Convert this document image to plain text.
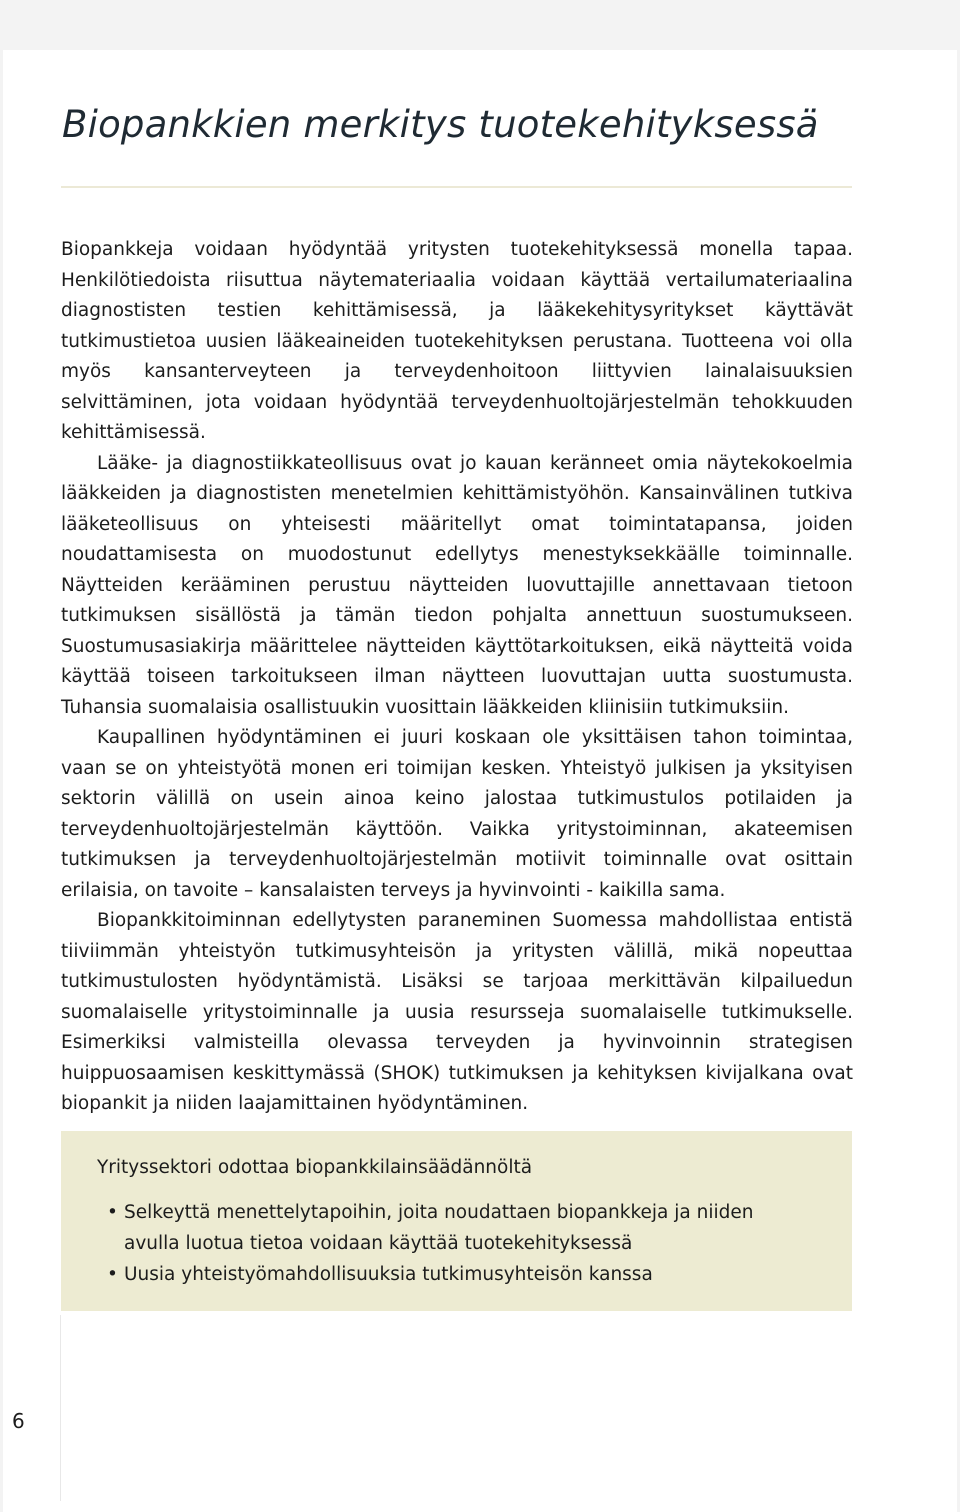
Biopankkien merkitys tuotekehityksessä

Biopankkeja voidaan hyödyntää yritysten tuotekehityksessä monella tapaa. Henkilötiedoista riisuttua näytemateriaalia voidaan käyttää vertailumateriaalina diagnostisten testien kehittämisessä, ja lääkekehitysyritykset käyttävät tutkimustietoa uusien lääkeaineiden tuotekehityksen perustana. Tuotteena voi olla myös kansanterveyteen ja terveydenhoitoon liittyvien lainalaisuuksien selvittäminen, jota voidaan hyödyntää terveydenhuoltojärjestelmän tehokkuuden kehittämisessä.

Lääke- ja diagnostiikkateollisuus ovat jo kauan keränneet omia näytekokoelmia lääkkeiden ja diagnostisten menetelmien kehittämistyöhön. Kansainvälinen tutkiva lääketeollisuus on yhteisesti määritellyt omat toimintatapansa, joiden noudattamisesta on muodostunut edellytys menestyksekkäälle toiminnalle. Näytteiden kerääminen perustuu näytteiden luovuttajille annettavaan tietoon tutkimuksen sisällöstä ja tämän tiedon pohjalta annettuun suostumukseen. Suostumusasiakirja määrittelee näytteiden käyttötarkoituksen, eikä näytteitä voida käyttää toiseen tarkoitukseen ilman näytteen luovuttajan uutta suostumusta. Tuhansia suomalaisia osallistuukin vuosittain lääkkeiden kliinisiin tutkimuksiin.

Kaupallinen hyödyntäminen ei juuri koskaan ole yksittäisen tahon toimintaa, vaan se on yhteistyötä monen eri toimijan kesken. Yhteistyö julkisen ja yksityisen sektorin välillä on usein ainoa keino jalostaa tutkimustulos potilaiden ja terveydenhuoltojärjestelmän käyttöön. Vaikka yritystoiminnan, akateemisen tutkimuksen ja terveydenhuoltojärjestelmän motiivit toiminnalle ovat osittain erilaisia, on tavoite – kansalaisten terveys ja hyvinvointi - kaikilla sama.

Biopankkitoiminnan edellytysten paraneminen Suomessa mahdollistaa entistä tiiviimmän yhteistyön tutkimusyhteisön ja yritysten välillä, mikä nopeuttaa tutkimustulosten hyödyntämistä. Lisäksi se tarjoaa merkittävän kilpailuedun suomalaiselle yritystoiminnalle ja uusia resursseja suomalaiselle tutkimukselle. Esimerkiksi valmisteilla olevassa terveyden ja hyvinvoinnin strategisen huippuosaamisen keskittymässä (SHOK) tutkimuksen ja kehityksen kivijalkana ovat biopankit ja niiden laajamittainen hyödyntäminen.

Yrityssektori odottaa biopankkilainsäädännöltä

• Selkeyttä menettelytapoihin, joita noudattaen biopankkeja ja niiden avulla luotua tietoa voidaan käyttää tuotekehityksessä
• Uusia yhteistyömahdollisuuksia tutkimusyhteisön kanssa
6
